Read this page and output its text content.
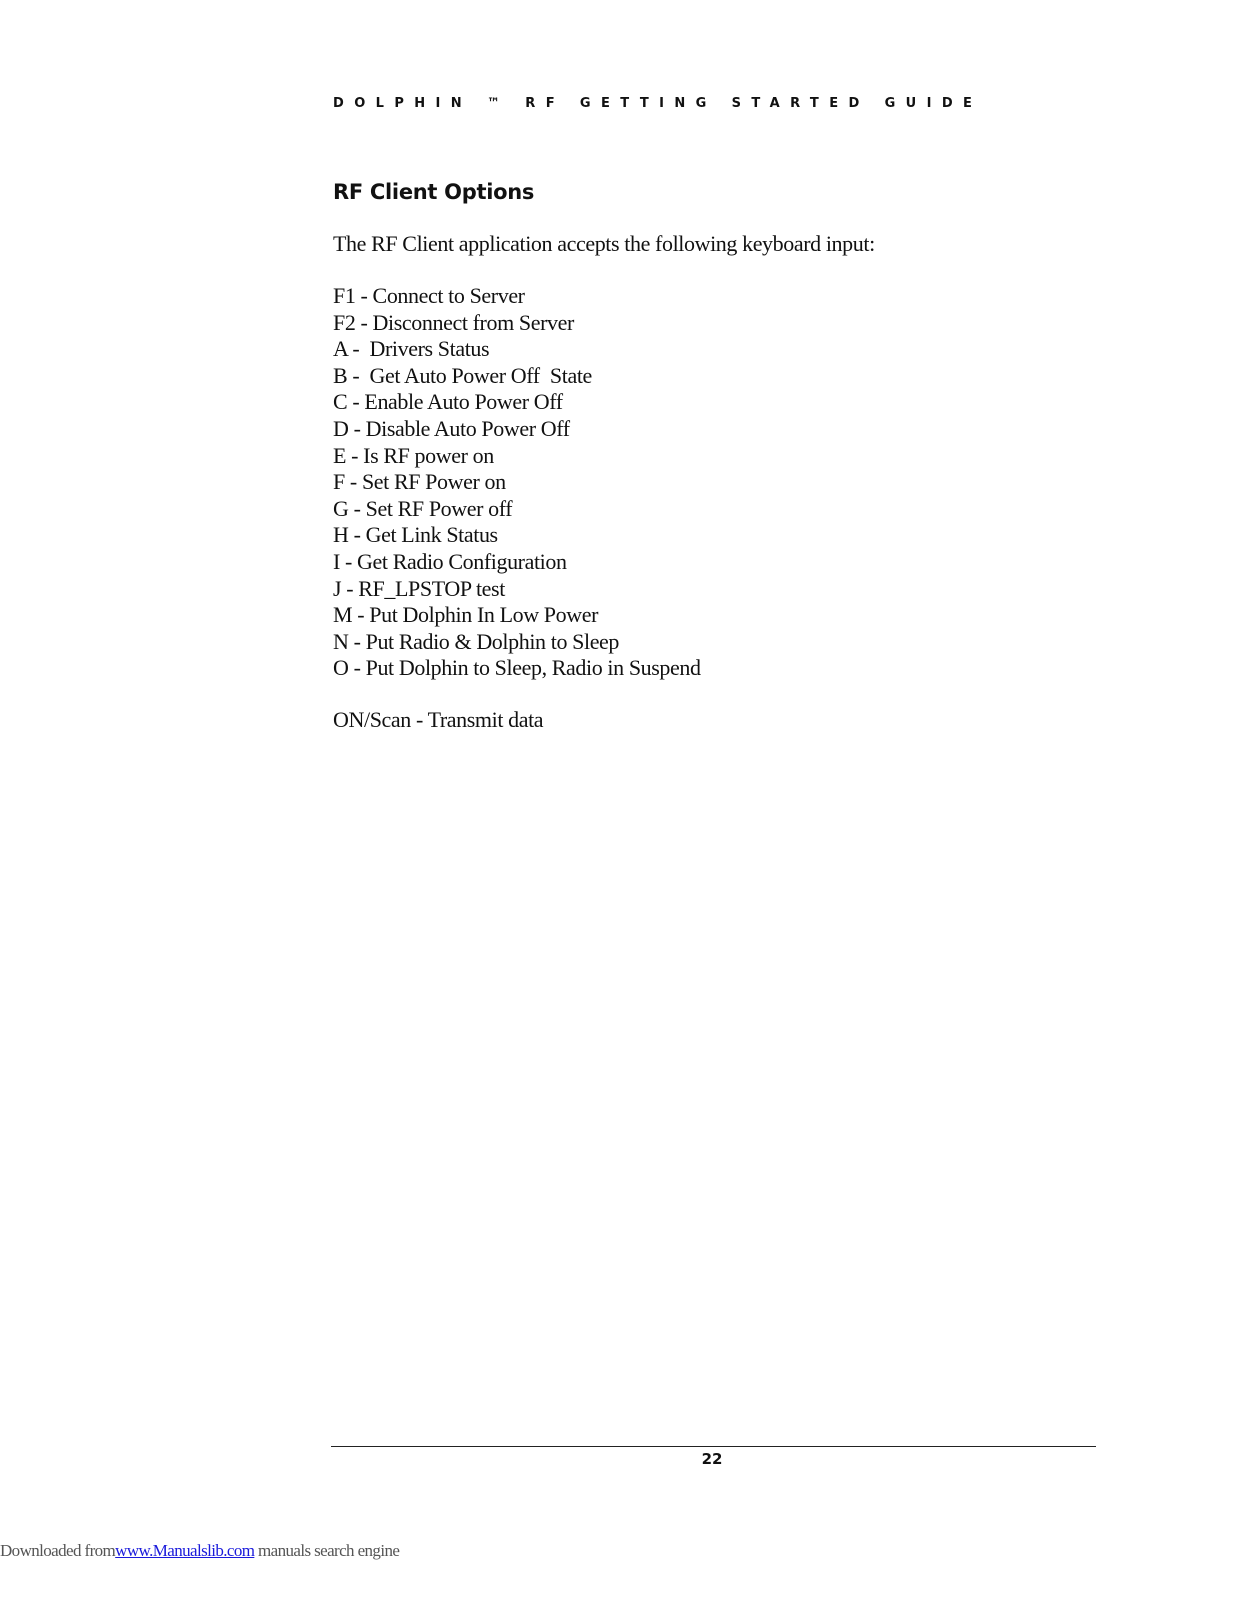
DOLPHIN ™ RF GETTING STARTED GUIDE
RF Client Options

The RF Client application accepts the following keyboard input:

F1 - Connect to Server
F2 - Disconnect from Server
A -  Drivers Status
B -  Get Auto Power Off  State
C - Enable Auto Power Off
D - Disable Auto Power Off
E - Is RF power on
F - Set RF Power on
G - Set RF Power off
H - Get Link Status
I - Get Radio Configuration
J - RF_LPSTOP test
M - Put Dolphin In Low Power
N - Put Radio & Dolphin to Sleep
O - Put Dolphin to Sleep, Radio in Suspend

ON/Scan - Transmit data

22
Downloaded fromwww.Manualslib.com manuals search engine
